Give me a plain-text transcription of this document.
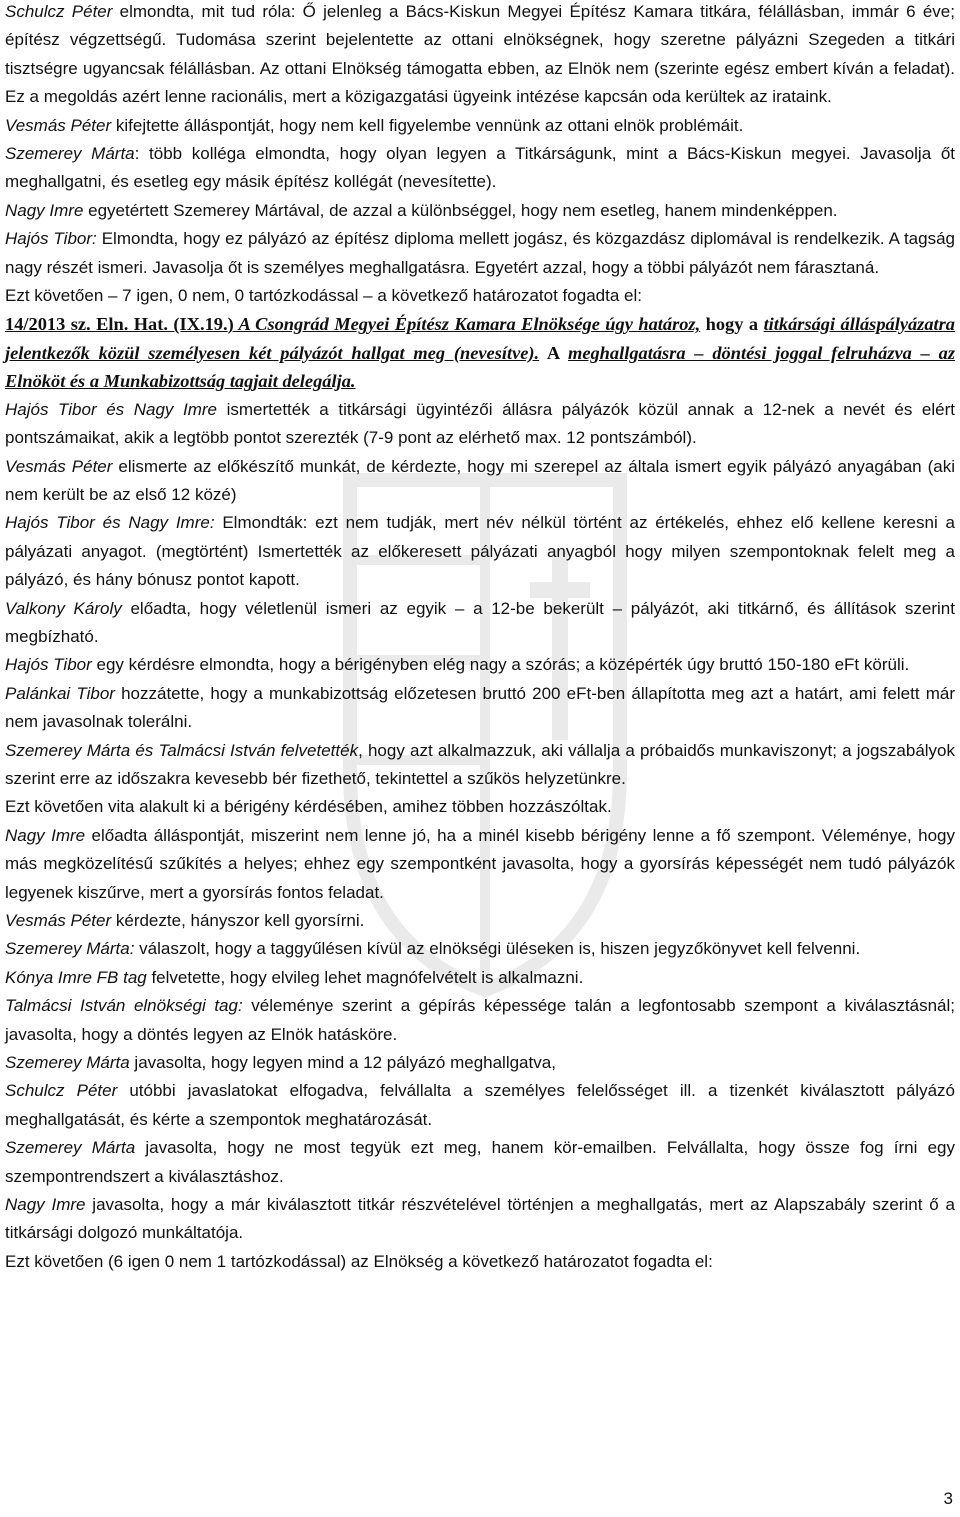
Schulcz Péter elmondta, mit tud róla: Ő jelenleg a Bács-Kiskun Megyei Építész Kamara titkára, félállásban, immár 6 éve; építész végzettségű. Tudomása szerint bejelentette az ottani elnökségnek, hogy szeretne pályázni Szegeden a titkári tisztségre ugyancsak félállásban. Az ottani Elnökség támogatta ebben, az Elnök nem (szerinte egész embert kíván a feladat). Ez a megoldás azért lenne racionális, mert a közigazgatási ügyeink intézése kapcsán oda kerültek az irataink.

Vesmás Péter kifejtette álláspontját, hogy nem kell figyelembe vennünk az ottani elnök problémáit.

Szemerey Márta: több kolléga elmondta, hogy olyan legyen a Titkárságunk, mint a Bács-Kiskun megyei. Javasolja őt meghallgatni, és esetleg egy másik építész kollégát (nevesítette).

Nagy Imre egyetértett Szemerey Mártával, de azzal a különbséggel, hogy nem esetleg, hanem mindenképpen.

Hajós Tibor: Elmondta, hogy ez pályázó az építész diploma mellett jogász, és közgazdász diplomával is rendelkezik. A tagság nagy részét ismeri. Javasolja őt is személyes meghallgatásra. Egyetért azzal, hogy a többi pályázót nem fárasztaná.

Ezt követően – 7 igen, 0 nem, 0 tartózkodással – a következő határozatot fogadta el:

14/2013 sz. Eln. Hat. (IX.19.) A Csongrád Megyei Építész Kamara Elnöksége úgy határoz, hogy a titkársági álláspályázatra jelentkezők közül személyesen két pályázót hallgat meg (nevesítve). A meghallgatásra – döntési joggal felruházva – az Elnököt és a Munkabizottság tagjait delegálja.

Hajós Tibor és Nagy Imre ismertették a titkársági ügyintézői állásra pályázók közül annak a 12-nek a nevét és elért pontszámaikat, akik a legtöbb pontot szerezték (7-9 pont az elérhető max. 12 pontszámból).

Vesmás Péter elismerte az előkészítő munkát, de kérdezte, hogy mi szerepel az általa ismert egyik pályázó anyagában (aki nem került be az első 12 közé)

Hajós Tibor és Nagy Imre: Elmondták: ezt nem tudják, mert név nélkül történt az értékelés, ehhez elő kellene keresni a pályázati anyagot. (megtörtént) Ismertették az előkeresett pályázati anyagból hogy milyen szempontoknak felelt meg a pályázó, és hány bónusz pontot kapott.

Valkony Károly előadta, hogy véletlenül ismeri az egyik – a 12-be bekerült – pályázót, aki titkárnő, és állítások szerint megbízható.

Hajós Tibor egy kérdésre elmondta, hogy a bérigényben elég nagy a szórás; a középérték úgy bruttó 150-180 eFt körüli.

Palánkai Tibor hozzátette, hogy a munkabizottság előzetesen bruttó 200 eFt-ben állapította meg azt a határt, ami felett már nem javasolnak tolerálni.

Szemerey Márta és Talmácsi István felvetették, hogy azt alkalmazzuk, aki vállalja a próbaidős munkaviszonyt; a jogszabályok szerint erre az időszakra kevesebb bér fizethető, tekintettel a szűkös helyzetünkre.

Ezt követően vita alakult ki a bérigény kérdésében, amihez többen hozzászóltak.

Nagy Imre előadta álláspontját, miszerint nem lenne jó, ha a minél kisebb bérigény lenne a fő szempont. Véleménye, hogy más megközelítésű szűkítés a helyes; ehhez egy szempontként javasolta, hogy a gyorsírás képességét nem tudó pályázók legyenek kiszűrve, mert a gyorsírás fontos feladat.

Vesmás Péter kérdezte, hányszor kell gyorsírni.

Szemerey Márta: válaszolt, hogy a taggyűlésen kívül az elnökségi üléseken is, hiszen jegyzőkönyvet kell felvenni.

Kónya Imre FB tag felvetette, hogy elvileg lehet magnófelvételt is alkalmazni.

Talmácsi István elnökségi tag: véleménye szerint a gépírás képessége talán a legfontosabb szempont a kiválasztásnál; javasolta, hogy a döntés legyen az Elnök hatásköre.

Szemerey Márta javasolta, hogy legyen mind a 12 pályázó meghallgatva,

Schulcz Péter utóbbi javaslatokat elfogadva, felvállalta a személyes felelősséget ill. a tizenkét kiválasztott pályázó meghallgatását, és kérte a szempontok meghatározását.

Szemerey Márta javasolta, hogy ne most tegyük ezt meg, hanem kör-emailben. Felvállalta, hogy össze fog írni egy szempontrendszert a kiválasztáshoz.

Nagy Imre javasolta, hogy a már kiválasztott titkár részvételével történjen a meghallgatás, mert az Alapszabály szerint ő a titkársági dolgozó munkáltatója.

Ezt követően (6 igen 0 nem 1 tartózkodással) az Elnökség a következő határozatot fogadta el:

3
